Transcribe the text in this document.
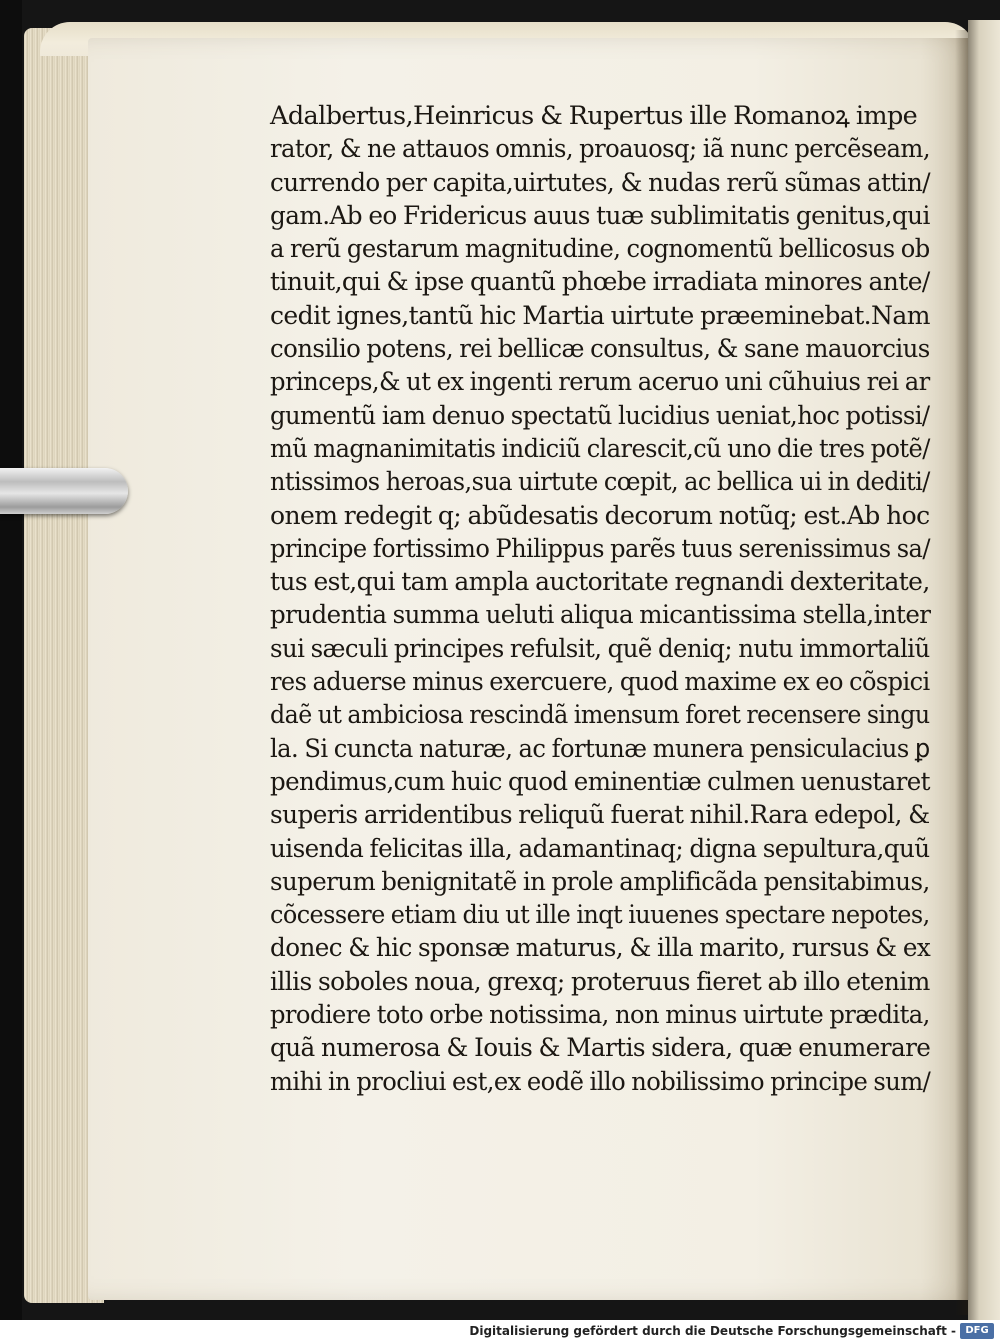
Adalbertus,Heinricus & Rupertus ille Romanoꝝ impe
rator, & ne attauos omnis, proauosq; iã nunc percẽseam,
currendo per capita,uirtutes, & nudas rerũ sũmas attin/
gam.Ab eo Fridericus auus tuæ sublimitatis genitus,qui
a rerũ gestarum magnitudine, cognomentũ bellicosus ob
tinuit,qui & ipse quantũ phœbe irradiata minores ante/
cedit ignes,tantũ hic Martia uirtute præeminebat.Nam
consilio potens, rei bellicæ consultus, & sane mauorcius
princeps,& ut ex ingenti rerum aceruo uni cũhuius rei ar
gumentũ iam denuo spectatũ lucidius ueniat,hoc potissi/
mũ magnanimitatis indiciũ clarescit,cũ uno die tres potẽ/
ntissimos heroas,sua uirtute cœpit, ac bellica ui in dediti/
onem redegit q; abũdesatis decorum notũq; est.Ab hoc
principe fortissimo Philippus parẽs tuus serenissimus sa/
tus est,qui tam ampla auctoritate regnandi dexteritate,
prudentia summa ueluti aliqua micantissima stella,inter
sui sæculi principes refulsit, quẽ deniq; nutu immortaliũ
res aduerse minus exercuere, quod maxime ex eo cõspici
daẽ ut ambiciosa rescindã imensum foret recensere singu
la. Si cuncta naturæ, ac fortunæ munera pensiculacius ꝑ
pendimus,cum huic quod eminentiæ culmen uenustaret
superis arridentibus reliquũ fuerat nihil.Rara edepol, &
uisenda felicitas illa, adamantinaq; digna sepultura,quũ
superum benignitatẽ in prole amplificãda pensitabimus,
cõcessere etiam diu ut ille inqt iuuenes spectare nepotes,
donec & hic sponsæ maturus, & illa marito, rursus & ex
illis soboles noua, grexq; proteruus fieret ab illo etenim
prodiere toto orbe notissima, non minus uirtute prædita,
quã numerosa & Iouis & Martis sidera, quæ enumerare
mihi in procliui est,ex eodẽ illo nobilissimo principe sum/
Digitalisierung gefördert durch die Deutsche Forschungsgemeinschaft - DFG
